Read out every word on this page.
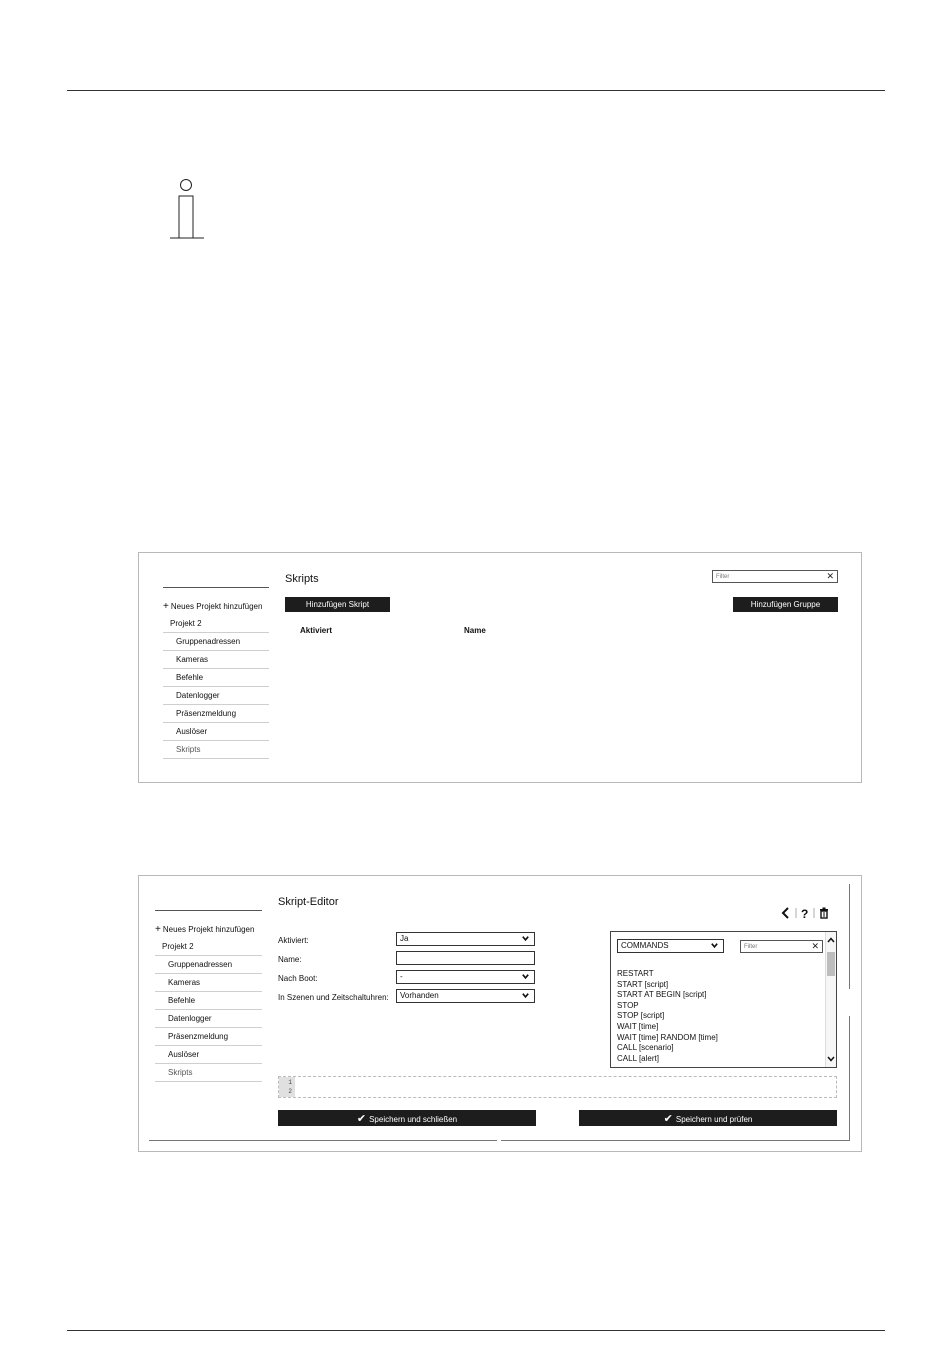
+ Neues Projekt hinzufügen
Projekt 2
Gruppenadressen
Kameras
Befehle
Datenlogger
Präsenzmeldung
Auslöser
Skripts
Skripts	Filter	✕
Hinzufügen Skript	Hinzufügen Gruppe
Aktiviert	Name
+ Neues Projekt hinzufügen
Projekt 2
Gruppenadressen
Kameras
Befehle
Datenlogger
Präsenzmeldung
Auslöser
Skripts
Skript-Editor
?
Aktiviert:	Ja
Name:
Nach Boot:	-
In Szenen und Zeitschaltuhren:	Vorhanden
COMMANDS	Filter	✕
RESTART
START [script]
START AT BEGIN [script]
STOP
STOP [script]
WAIT [time]
WAIT [time] RANDOM [time]
CALL [scenario]
CALL [alert]
1
2
✔ Speichern und schließen	✔ Speichern und prüfen
